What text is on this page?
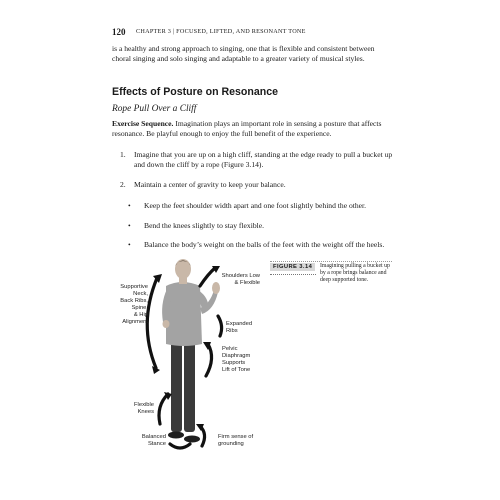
120 CHAPTER 3 | FOCUSED, LIFTED, AND RESONANT TONE

is a healthy and strong approach to singing, one that is flexible and consistent between choral singing and solo singing and adaptable to a greater variety of musical styles.

Effects of Posture on Resonance
Rope Pull Over a Cliff

Exercise Sequence. Imagination plays an important role in sensing a posture that affects resonance. Be playful enough to enjoy the full benefit of the experience.

1. Imagine that you are up on a high cliff, standing at the edge ready to pull a bucket up and down the cliff by a rope (Figure 3.14).
2. Maintain a center of gravity to keep your balance.
• Keep the feet shoulder width apart and one foot slightly behind the other.
• Bend the knees slightly to stay flexible.
• Balance the body’s weight on the balls of the feet with the weight off the heels.
Supportive
Neck,
Back Ribs,
Spine,
& Hip
Alignment
Shoulders Low
& Flexible
Expanded
Ribs
Pelvic
Diaphragm
Supports
Lift of Tone
Flexible
Knees
Balanced
Stance
Firm sense of
grounding
FIGURE 3.14	Imagining pulling a bucket up by a rope brings balance and deep supported tone.
